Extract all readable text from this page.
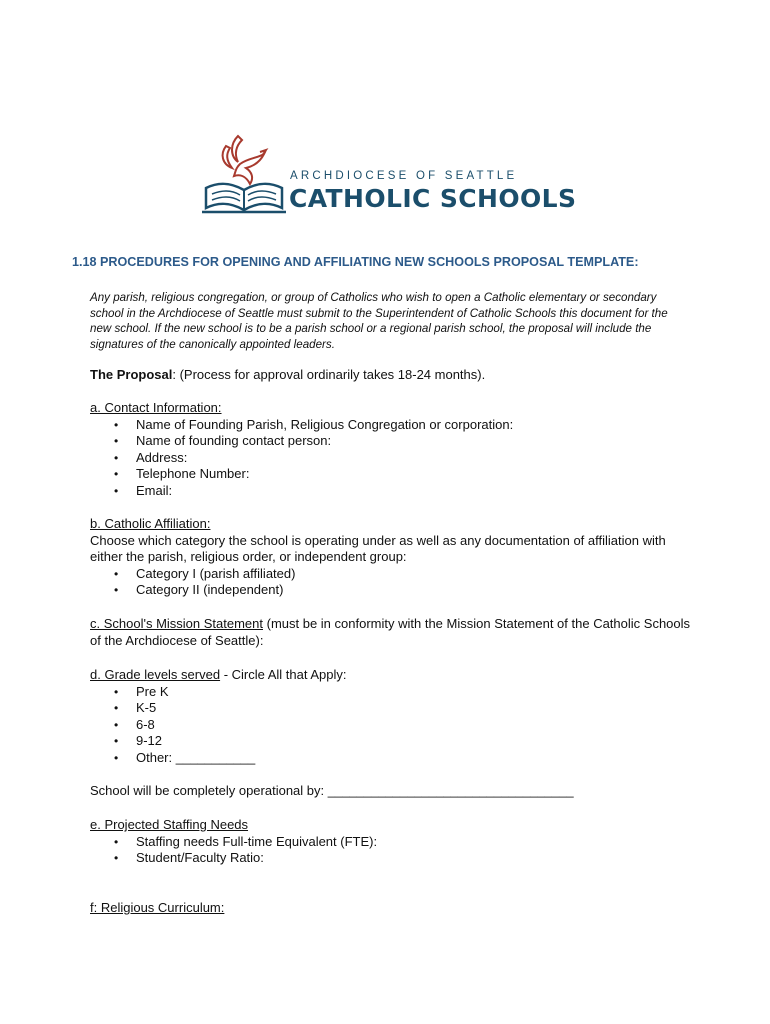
ARCHDIOCESE OF SEATTLE
CATHOLIC SCHOOLS
1.18 PROCEDURES FOR OPENING AND AFFILIATING NEW SCHOOLS PROPOSAL TEMPLATE:
Any parish, religious congregation, or group of Catholics who wish to open a Catholic elementary or secondary school in the Archdiocese of Seattle must submit to the Superintendent of Catholic Schools this document for the new school. If the new school is to be a parish school or a regional parish school, the proposal will include the signatures of the canonically appointed leaders.
The Proposal: (Process for approval ordinarily takes 18-24 months).
a. Contact Information:
• Name of Founding Parish, Religious Congregation or corporation:
• Name of founding contact person:
• Address:
• Telephone Number:
• Email:
b. Catholic Affiliation:
Choose which category the school is operating under as well as any documentation of affiliation with either the parish, religious order, or independent group:
• Category I (parish affiliated)
• Category II (independent)
c. School's Mission Statement (must be in conformity with the Mission Statement of the Catholic Schools of the Archdiocese of Seattle):
d. Grade levels served - Circle All that Apply:
• Pre K
• K-5
• 6-8
• 9-12
• Other: ___________
School will be completely operational by: __________________________________
e. Projected Staffing Needs
• Staffing needs Full-time Equivalent (FTE):
• Student/Faculty Ratio:
f: Religious Curriculum:
